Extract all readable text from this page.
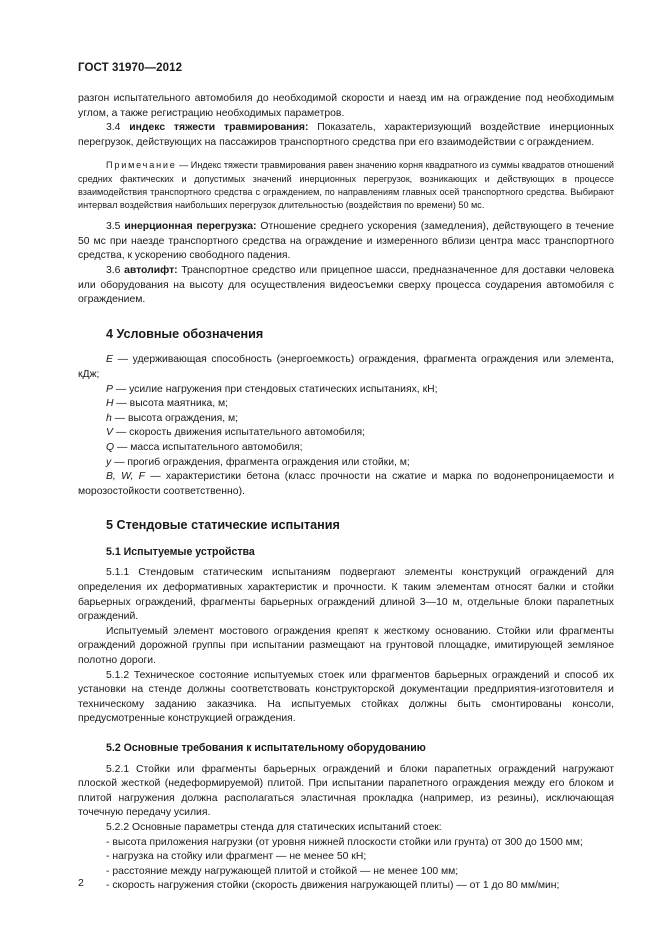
ГОСТ 31970—2012

разгон испытательного автомобиля до необходимой скорости и наезд им на ограждение под необходимым углом, а также регистрацию необходимых параметров.

3.4 индекс тяжести травмирования: Показатель, характеризующий воздействие инерционных перегрузок, действующих на пассажиров транспортного средства при его взаимодействии с ограждением.

Примечание — Индекс тяжести травмирования равен значению корня квадратного из суммы квадратов отношений средних фактических и допустимых значений инерционных перегрузок, возникающих и действующих в процессе взаимодействия транспортного средства с ограждением, по направлениям главных осей транспортного средства. Выбирают интервал воздействия наибольших перегрузок длительностью (воздействия по времени) 50 мс.

3.5 инерционная перегрузка: Отношение среднего ускорения (замедления), действующего в течение 50 мс при наезде транспортного средства на ограждение и измеренного вблизи центра масс транспортного средства, к ускорению свободного падения.

3.6 автолифт: Транспортное средство или прицепное шасси, предназначенное для доставки человека или оборудования на высоту для осуществления видеосъемки сверху процесса соударения автомобиля с ограждением.

4 Условные обозначения

E — удерживающая способность (энергоемкость) ограждения, фрагмента ограждения или элемента, кДж;

P — усилие нагружения при стендовых статических испытаниях, кН;

H — высота маятника, м;

h — высота ограждения, м;

V — скорость движения испытательного автомобиля;

Q — масса испытательного автомобиля;

y — прогиб ограждения, фрагмента ограждения или стойки, м;

B, W, F — характеристики бетона (класс прочности на сжатие и марка по водонепроницаемости и морозостойкости соответственно).

5 Стендовые статические испытания
5.1 Испытуемые устройства

5.1.1 Стендовым статическим испытаниям подвергают элементы конструкций ограждений для определения их деформативных характеристик и прочности. К таким элементам относят балки и стойки барьерных ограждений, фрагменты барьерных ограждений длиной 3—10 м, отдельные блоки парапетных ограждений.

Испытуемый элемент мостового ограждения крепят к жесткому основанию. Стойки или фрагменты ограждений дорожной группы при испытании размещают на грунтовой площадке, имитирующей земляное полотно дороги.

5.1.2 Техническое состояние испытуемых стоек или фрагментов барьерных ограждений и способ их установки на стенде должны соответствовать конструкторской документации предприятия-изготовителя и техническому заданию заказчика. На испытуемых стойках должны быть смонтированы консоли, предусмотренные конструкцией ограждения.

5.2 Основные требования к испытательному оборудованию

5.2.1 Стойки или фрагменты барьерных ограждений и блоки парапетных ограждений нагружают плоской жесткой (недеформируемой) плитой. При испытании парапетного ограждения между его блоком и плитой нагружения должна располагаться эластичная прокладка (например, из резины), исключающая точечную передачу усилия.

5.2.2 Основные параметры стенда для статических испытаний стоек:

- высота приложения нагрузки (от уровня нижней плоскости стойки или грунта) от 300 до 1500 мм;

- нагрузка на стойку или фрагмент — не менее 50 кН;

- расстояние между нагружающей плитой и стойкой — не менее 100 мм;

- скорость нагружения стойки (скорость движения нагружающей плиты) — от 1 до 80 мм/мин;

2
